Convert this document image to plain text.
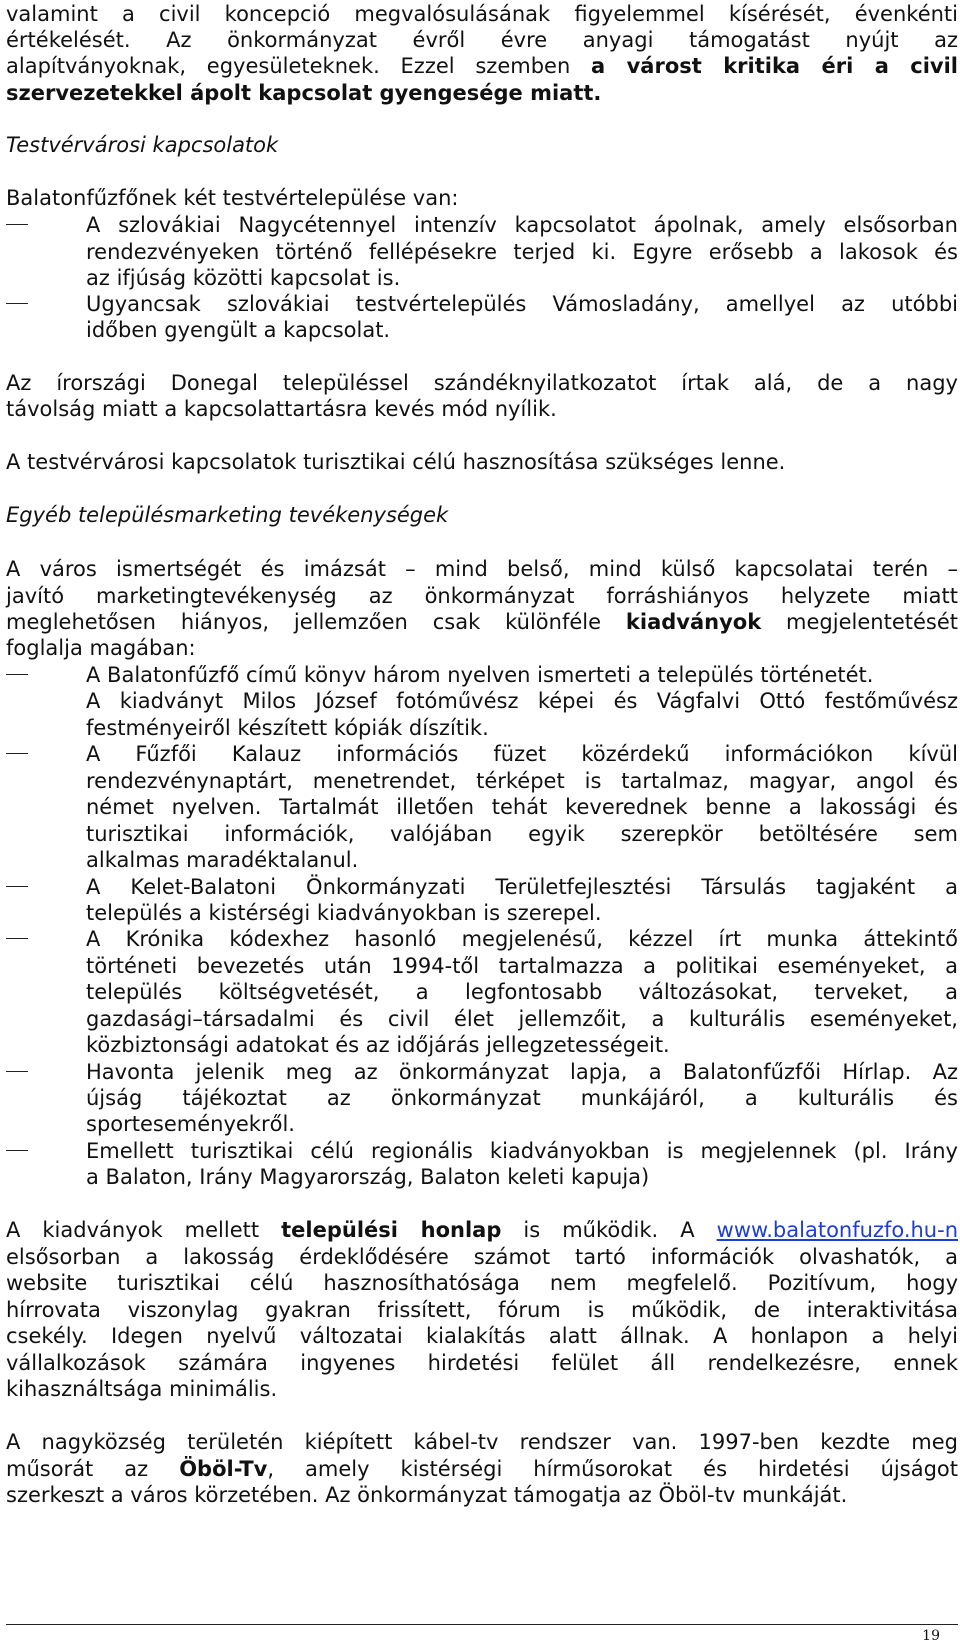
valamint a civil koncepció megvalósulásának figyelemmel kísérését, évenkénti
értékelését. Az önkormányzat évről évre anyagi támogatást nyújt az
alapítványoknak, egyesületeknek. Ezzel szemben a várost kritika éri a civil
szervezetekkel ápolt kapcsolat gyengesége miatt.
Testvérvárosi kapcsolatok
Balatonfűzfőnek két testvértelepülése van:
A szlovákiai Nagycétennyel intenzív kapcsolatot ápolnak, amely elsősorban
rendezvényeken történő fellépésekre terjed ki. Egyre erősebb a lakosok és
az ifjúság közötti kapcsolat is.
Ugyancsak szlovákiai testvértelepülés Vámosladány, amellyel az utóbbi
időben gyengült a kapcsolat.
Az írországi Donegal településsel szándéknyilatkozatot írtak alá, de a nagy
távolság miatt a kapcsolattartásra kevés mód nyílik.
A testvérvárosi kapcsolatok turisztikai célú hasznosítása szükséges lenne.
Egyéb településmarketing tevékenységek
A város ismertségét és imázsát – mind belső, mind külső kapcsolatai terén –
javító marketingtevékenység az önkormányzat forráshiányos helyzete miatt
meglehetősen hiányos, jellemzően csak különféle kiadványok megjelentetését
foglalja magában:
A Balatonfűzfő című könyv három nyelven ismerteti a település történetét.
A kiadványt Milos József fotóművész képei és Vágfalvi Ottó festőművész
festményeiről készített kópiák díszítik.
A Fűzfői Kalauz információs füzet közérdekű információkon kívül
rendezvénynaptárt, menetrendet, térképet is tartalmaz, magyar, angol és
német nyelven. Tartalmát illetően tehát keverednek benne a lakossági és
turisztikai információk, valójában egyik szerepkör betöltésére sem
alkalmas maradéktalanul.
A Kelet-Balatoni Önkormányzati Területfejlesztési Társulás tagjaként a
település a kistérségi kiadványokban is szerepel.
A Krónika kódexhez hasonló megjelenésű, kézzel írt munka áttekintő
történeti bevezetés után 1994-től tartalmazza a politikai eseményeket, a
település költségvetését, a legfontosabb változásokat, terveket, a
gazdasági–társadalmi és civil élet jellemzőit, a kulturális eseményeket,
közbiztonsági adatokat és az időjárás jellegzetességeit.
Havonta jelenik meg az önkormányzat lapja, a Balatonfűzfői Hírlap. Az
újság tájékoztat az önkormányzat munkájáról, a kulturális és
sporteseményekről.
Emellett turisztikai célú regionális kiadványokban is megjelennek (pl. Irány
a Balaton, Irány Magyarország, Balaton keleti kapuja)
A kiadványok mellett települési honlap is működik. A www.balatonfuzfo.hu-n
elsősorban a lakosság érdeklődésére számot tartó információk olvashatók, a
website turisztikai célú hasznosíthatósága nem megfelelő. Pozitívum, hogy
hírrovata viszonylag gyakran frissített, fórum is működik, de interaktivitása
csekély. Idegen nyelvű változatai kialakítás alatt állnak. A honlapon a helyi
vállalkozások számára ingyenes hirdetési felület áll rendelkezésre, ennek
kihasználtsága minimális.
A nagyközség területén kiépített kábel-tv rendszer van. 1997-ben kezdte meg
műsorát az Öböl-Tv, amely kistérségi hírműsorokat és hirdetési újságot
szerkeszt a város körzetében. Az önkormányzat támogatja az Öböl-tv munkáját.
19
